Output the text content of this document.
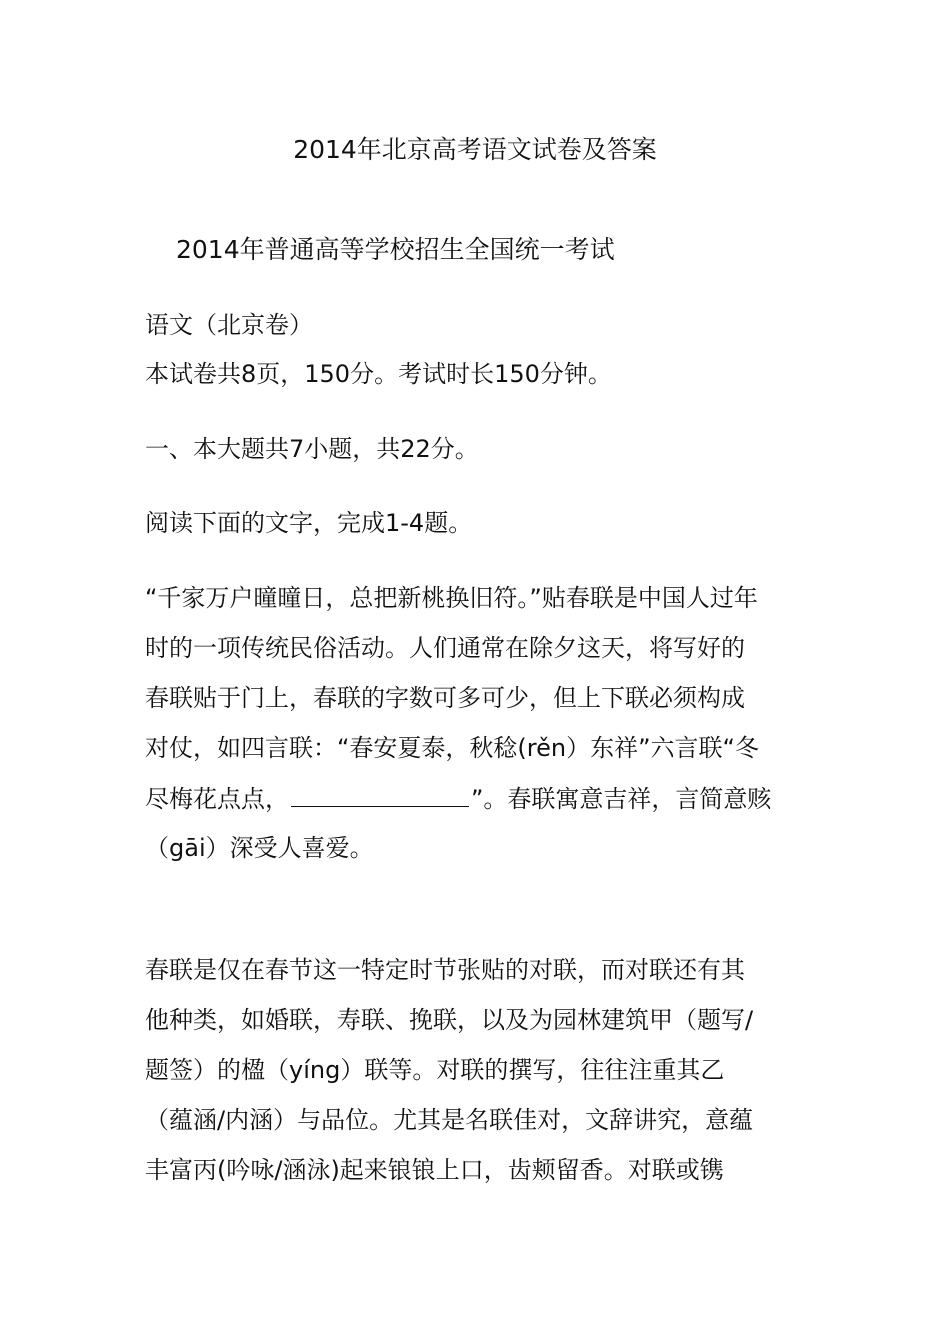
2014年北京高考语文试卷及答案
2014年普通高等学校招生全国统一考试
语文（北京卷）
本试卷共8页，150分。考试时长150分钟。
一、本大题共7小题，共22分。
阅读下面的文字，完成1-4题。
“千家万户曈曈日，总把新桃换旧符。”贴春联是中国人过年
时的一项传统民俗活动。人们通常在除夕这天，将写好的
春联贴于门上，春联的字数可多可少，但上下联必须构成
对仗，如四言联：“春安夏泰，秋稔(rěn）东祥”六言联“冬
尽梅花点点，	”。春联寓意吉祥，言简意赅
（gāi）深受人喜爱。
春联是仅在春节这一特定时节张贴的对联，而对联还有其
他种类，如婚联，寿联、挽联，以及为园林建筑甲（题写/
题签）的楹（yíng）联等。对联的撰写，往往注重其乙
（蕴涵/内涵）与品位。尤其是名联佳对，文辞讲究，意蕴
丰富丙(吟咏/涵泳)起来锒锒上口，齿颊留香。对联或镌
